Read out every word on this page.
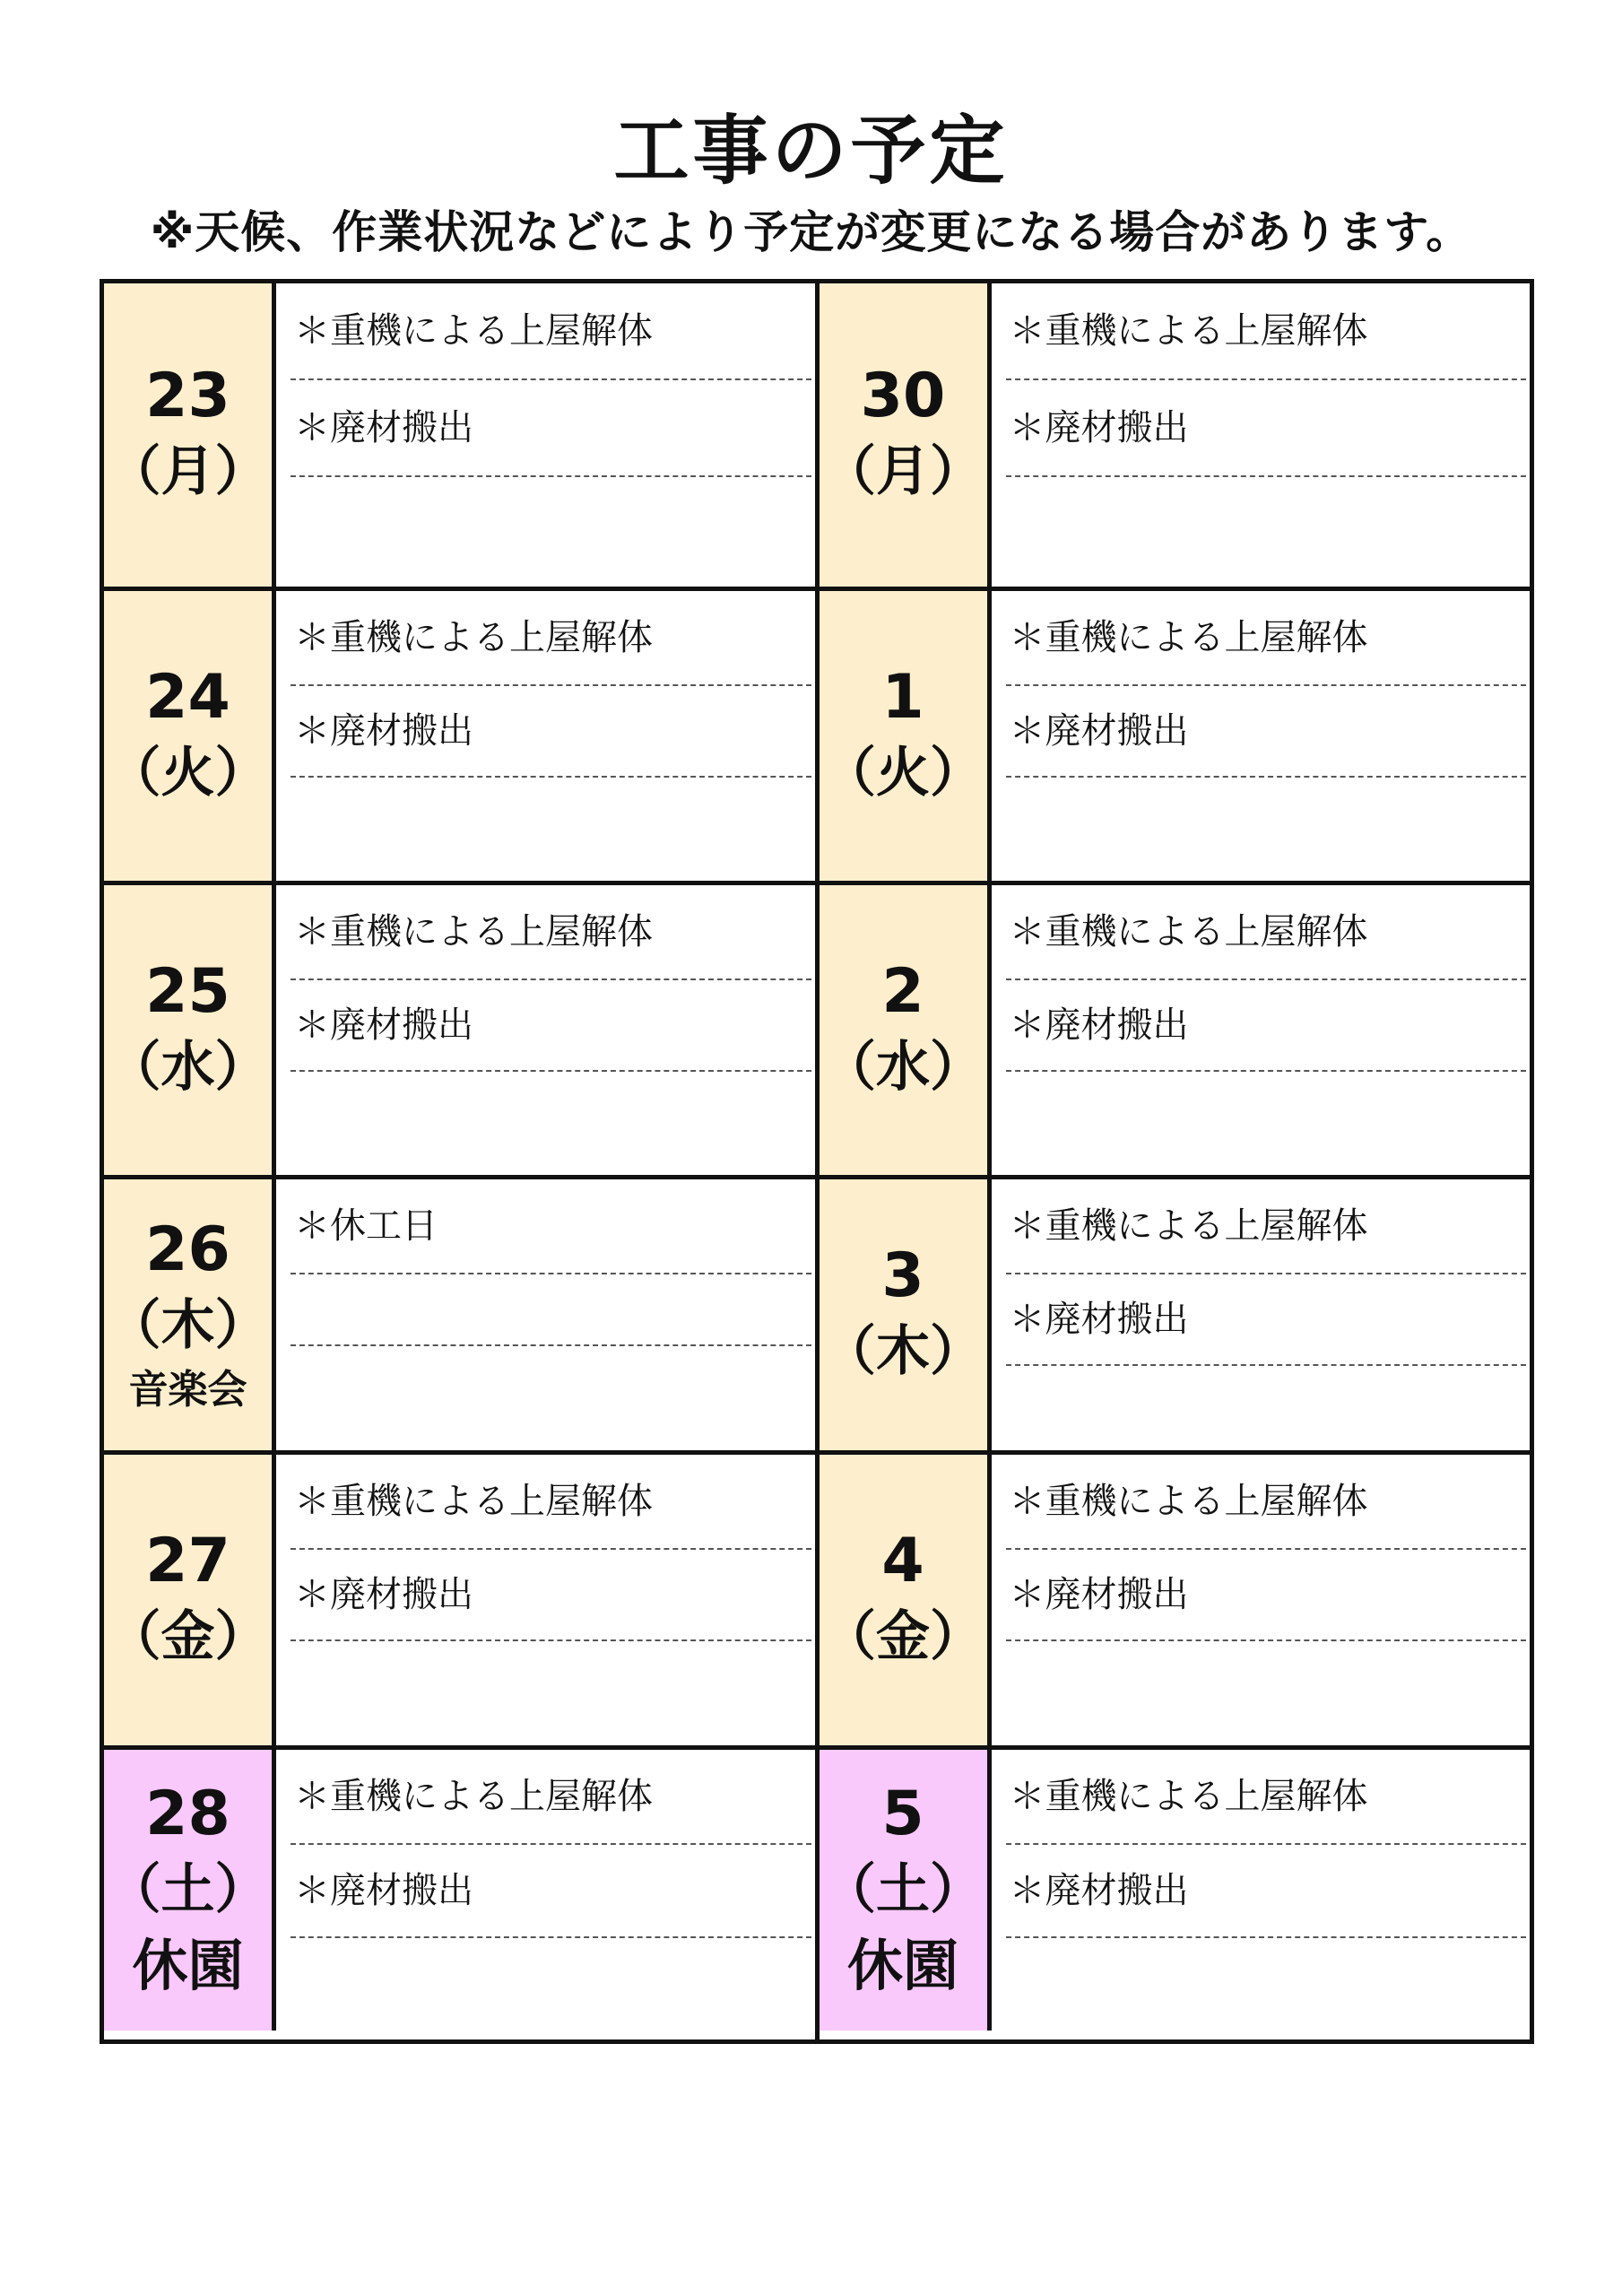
工事の予定
※天候、作業状況などにより予定が変更になる場合があります。
23
（月）
＊重機による上屋解体
＊廃材搬出
24
（火）
＊重機による上屋解体
＊廃材搬出
25
（水）
＊重機による上屋解体
＊廃材搬出
26
（木）
音楽会
＊休工日
27
（金）
＊重機による上屋解体
＊廃材搬出
28
（土）
休園
＊重機による上屋解体
＊廃材搬出
30
（月）
＊重機による上屋解体
＊廃材搬出
1
（火）
＊重機による上屋解体
＊廃材搬出
2
（水）
＊重機による上屋解体
＊廃材搬出
3
（木）
＊重機による上屋解体
＊廃材搬出
4
（金）
＊重機による上屋解体
＊廃材搬出
5
（土）
休園
＊重機による上屋解体
＊廃材搬出
